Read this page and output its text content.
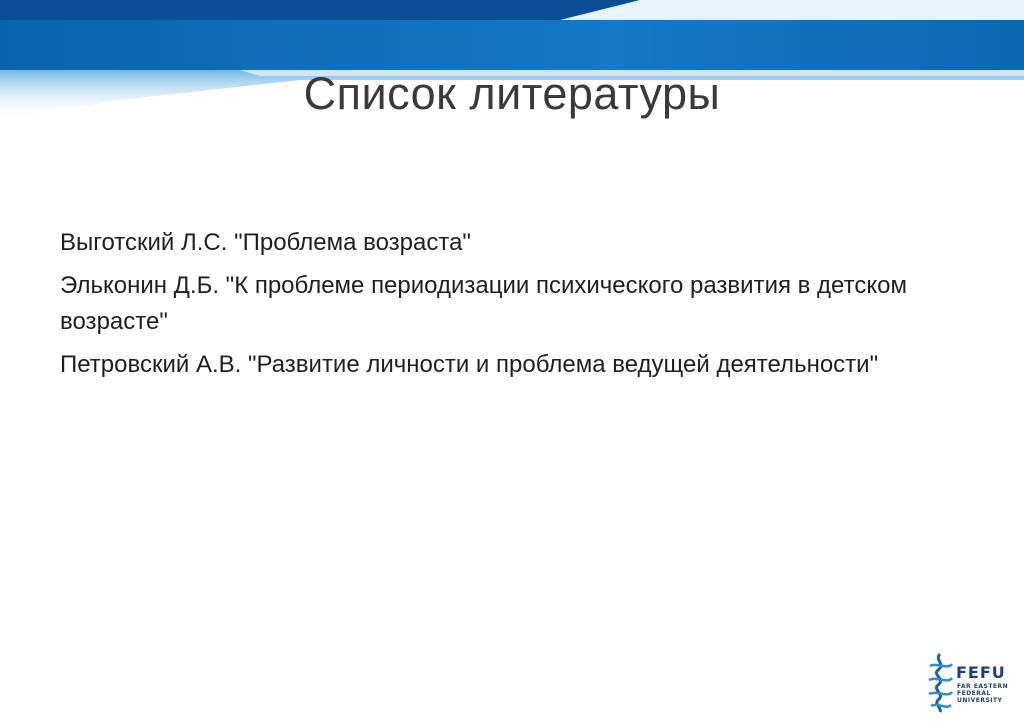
Список литературы
Выготский Л.С. "Проблема возраста"
Эльконин Д.Б. "К проблеме периодизации психического развития в детском возрасте"
Петровский А.В. "Развитие личности и проблема ведущей деятельности"
FEFU
FAR EASTERN
FEDERAL
UNIVERSITY
